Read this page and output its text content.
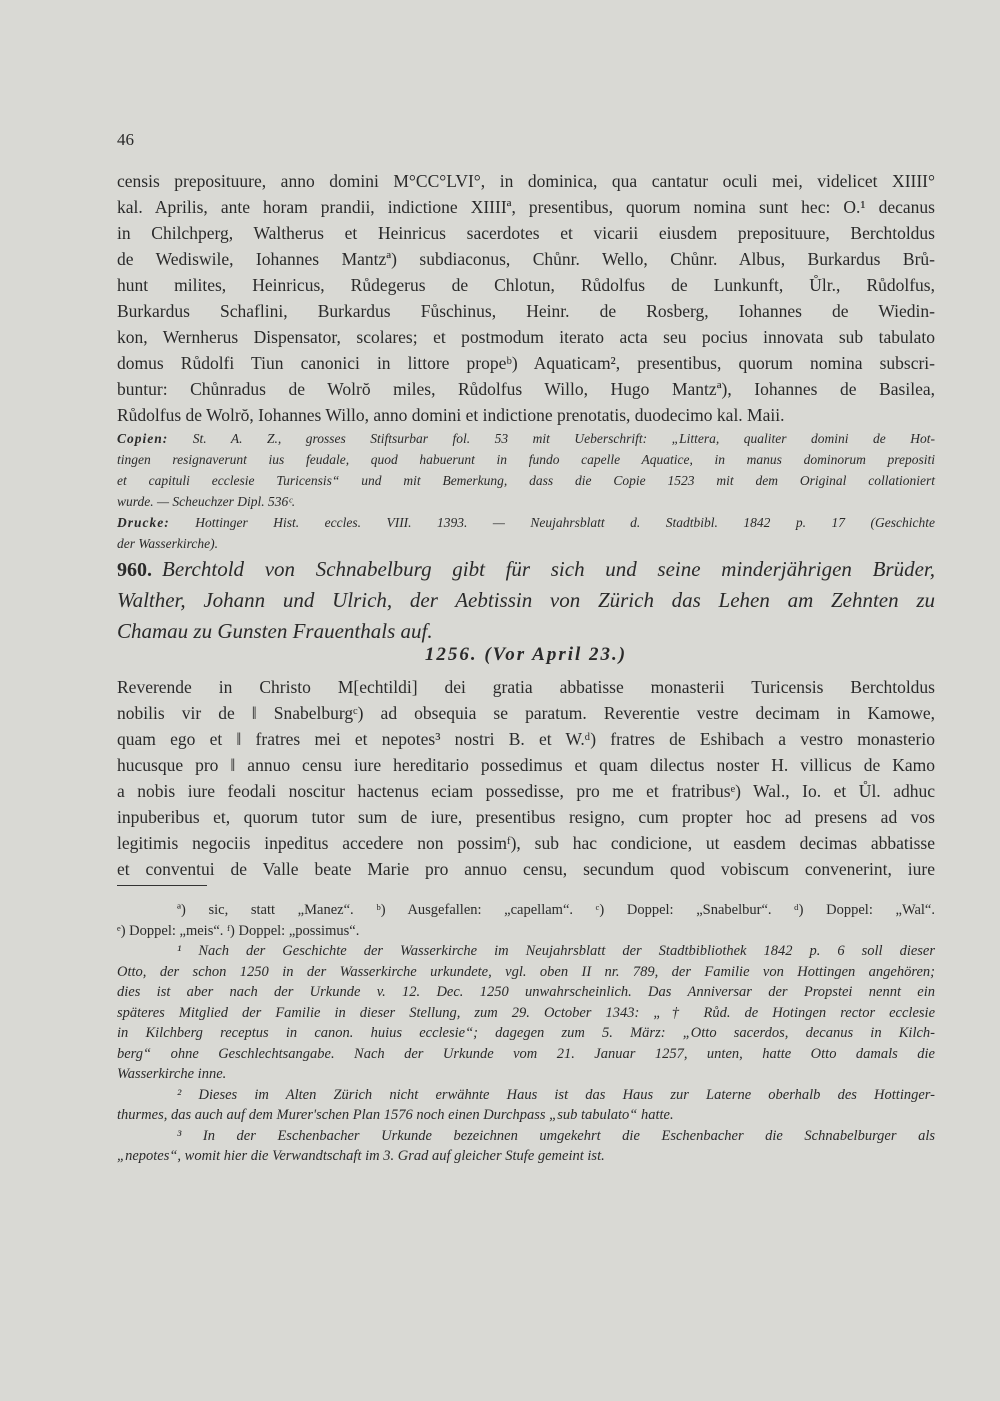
46
censis preposituure, anno domini M°CC°LVI°, in dominica, qua cantatur oculi mei, videlicet XIIII°
kal. Aprilis, ante horam prandii, indictione XIIIIª, presentibus, quorum nomina sunt hec: O.¹ decanus
in Chilchperg, Waltherus et Heinricus sacerdotes et vicarii eiusdem preposituure, Berchtoldus
de Wediswile, Iohannes Mantzª) subdiaconus, Chůnr. Wello, Chůnr. Albus, Burkardus Brů-
hunt milites, Heinricus, Růdegerus de Chlotun, Růdolfus de Lunkunft, Ůlr., Růdolfus,
Burkardus Schaflini, Burkardus Fůschinus, Heinr. de Rosberg, Iohannes de Wiedin-
kon, Wernherus Dispensator, scolares; et postmodum iterato acta seu pocius innovata sub tabulato
domus Růdolfi Tiun canonici in littore propeᵇ) Aquaticam², presentibus, quorum nomina subscri-
buntur: Chůnradus de Wolrŏ miles, Růdolfus Willo, Hugo Mantzª), Iohannes de Basilea,
Růdolfus de Wolrŏ, Iohannes Willo, anno domini et indictione prenotatis, duodecimo kal. Maii.
Copien: St. A. Z., grosses Stiftsurbar fol. 53 mit Ueberschrift: „Littera, qualiter domini de Hot-
tingen resignaverunt ius feudale, quod habuerunt in fundo capelle Aquatice, in manus dominorum prepositi
et capituli ecclesie Turicensis“ und mit Bemerkung, dass die Copie 1523 mit dem Original collationiert
wurde. — Scheuchzer Dipl. 536ᶜ.
Drucke: Hottinger Hist. eccles. VIII. 1393. — Neujahrsblatt d. Stadtbibl. 1842 p. 17 (Geschichte
der Wasserkirche).
960. Berchtold von Schnabelburg gibt für sich und seine minderjährigen Brüder,
Walther, Johann und Ulrich, der Aebtissin von Zürich das Lehen am Zehnten zu
Chamau zu Gunsten Frauenthals auf.
1256. (Vor April 23.)
Reverende in Christo M[echtildi] dei gratia abbatisse monasterii Turicensis Berchtoldus
nobilis vir de ‖ Snabelburgᶜ) ad obsequia se paratum. Reverentie vestre decimam in Kamowe,
quam ego et ‖ fratres mei et nepotes³ nostri B. et W.ᵈ) fratres de Eshibach a vestro monasterio
hucusque pro ‖ annuo censu iure hereditario possedimus et quam dilectus noster H. villicus de Kamo
a nobis iure feodali noscitur hactenus eciam possedisse, pro me et fratribusᵉ) Wal., Io. et Ůl. adhuc
inpuberibus et, quorum tutor sum de iure, presentibus resigno, cum propter hoc ad presens ad vos
legitimis negociis inpeditus accedere non possimᶠ), sub hac condicione, ut easdem decimas abbatisse
et conventui de Valle beate Marie pro annuo censu, secundum quod vobiscum convenerint, iure
ª) sic, statt „Manez“. ᵇ) Ausgefallen: „capellam“. ᶜ) Doppel: „Snabelbur“. ᵈ) Doppel: „Wal“.
ᵉ) Doppel: „meis“. ᶠ) Doppel: „possimus“.
¹ Nach der Geschichte der Wasserkirche im Neujahrsblatt der Stadtbibliothek 1842 p. 6 soll dieser
Otto, der schon 1250 in der Wasserkirche urkundete, vgl. oben II nr. 789, der Familie von Hottingen angehören;
dies ist aber nach der Urkunde v. 12. Dec. 1250 unwahrscheinlich. Das Anniversar der Propstei nennt ein
späteres Mitglied der Familie in dieser Stellung, zum 29. October 1343: „† Růd. de Hotingen rector ecclesie
in Kilchberg receptus in canon. huius ecclesie“; dagegen zum 5. März: „Otto sacerdos, decanus in Kilch-
berg“ ohne Geschlechtsangabe. Nach der Urkunde vom 21. Januar 1257, unten, hatte Otto damals die
Wasserkirche inne.
² Dieses im Alten Zürich nicht erwähnte Haus ist das Haus zur Laterne oberhalb des Hottinger-
thurmes, das auch auf dem Murer'schen Plan 1576 noch einen Durchpass „sub tabulato“ hatte.
³ In der Eschenbacher Urkunde bezeichnen umgekehrt die Eschenbacher die Schnabelburger als
„nepotes“, womit hier die Verwandtschaft im 3. Grad auf gleicher Stufe gemeint ist.
